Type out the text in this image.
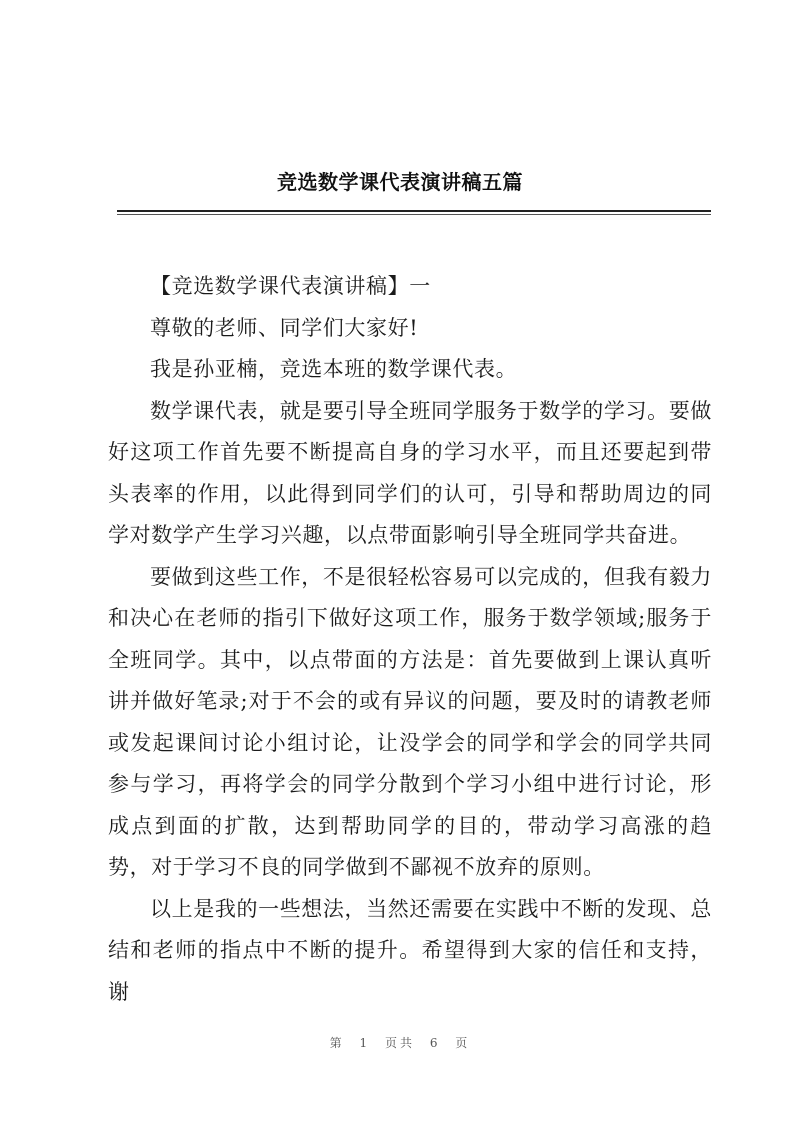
竞选数学课代表演讲稿五篇

【竞选数学课代表演讲稿】一

尊敬的老师、同学们大家好!

我是孙亚楠，竞选本班的数学课代表。

数学课代表，就是要引导全班同学服务于数学的学习。要做好这项工作首先要不断提高自身的学习水平，而且还要起到带头表率的作用，以此得到同学们的认可，引导和帮助周边的同学对数学产生学习兴趣，以点带面影响引导全班同学共奋进。

要做到这些工作，不是很轻松容易可以完成的，但我有毅力和决心在老师的指引下做好这项工作，服务于数学领域;服务于全班同学。其中，以点带面的方法是：首先要做到上课认真听讲并做好笔录;对于不会的或有异议的问题，要及时的请教老师或发起课间讨论小组讨论，让没学会的同学和学会的同学共同参与学习，再将学会的同学分散到个学习小组中进行讨论，形成点到面的扩散，达到帮助同学的目的，带动学习高涨的趋势，对于学习不良的同学做到不鄙视不放弃的原则。

以上是我的一些想法，当然还需要在实践中不断的发现、总结和老师的指点中不断的提升。希望得到大家的信任和支持，谢

第 1 页共 6 页
